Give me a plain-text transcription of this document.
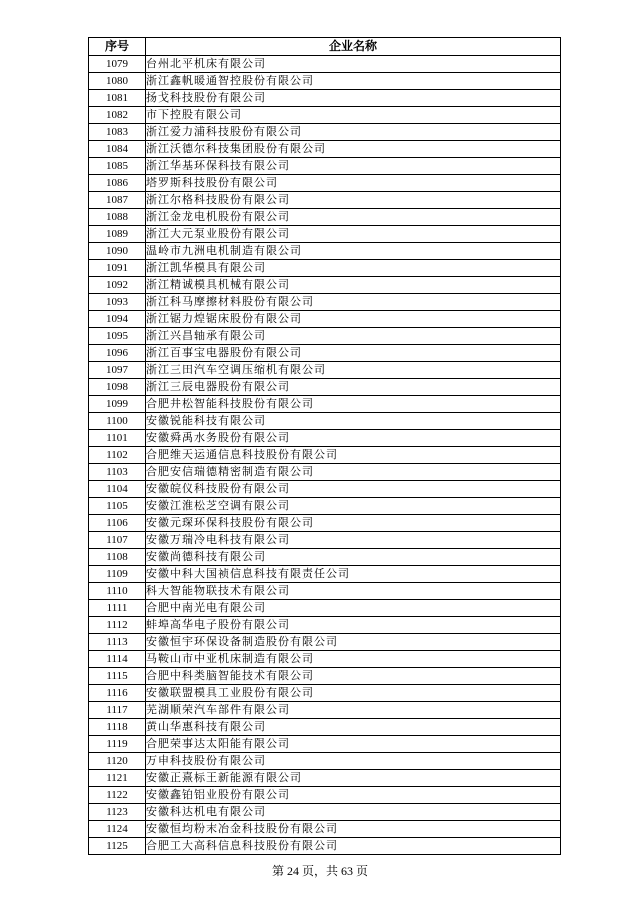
序号	企业名称
1079	台州北平机床有限公司
1080	浙江鑫帆暖通智控股份有限公司
1081	扬戈科技股份有限公司
1082	市下控股有限公司
1083	浙江爱力浦科技股份有限公司
1084	浙江沃德尔科技集团股份有限公司
1085	浙江华基环保科技有限公司
1086	塔罗斯科技股份有限公司
1087	浙江尔格科技股份有限公司
1088	浙江金龙电机股份有限公司
1089	浙江大元泵业股份有限公司
1090	温岭市九洲电机制造有限公司
1091	浙江凯华模具有限公司
1092	浙江精诚模具机械有限公司
1093	浙江科马摩擦材料股份有限公司
1094	浙江锯力煌锯床股份有限公司
1095	浙江兴昌轴承有限公司
1096	浙江百事宝电器股份有限公司
1097	浙江三田汽车空调压缩机有限公司
1098	浙江三辰电器股份有限公司
1099	合肥井松智能科技股份有限公司
1100	安徽锐能科技有限公司
1101	安徽舜禹水务股份有限公司
1102	合肥维天运通信息科技股份有限公司
1103	合肥安信瑞德精密制造有限公司
1104	安徽皖仪科技股份有限公司
1105	安徽江淮松芝空调有限公司
1106	安徽元琛环保科技股份有限公司
1107	安徽万瑞冷电科技有限公司
1108	安徽尚德科技有限公司
1109	安徽中科大国祯信息科技有限责任公司
1110	科大智能物联技术有限公司
1111	合肥中南光电有限公司
1112	蚌埠高华电子股份有限公司
1113	安徽恒宇环保设备制造股份有限公司
1114	马鞍山市中亚机床制造有限公司
1115	合肥中科类脑智能技术有限公司
1116	安徽联盟模具工业股份有限公司
1117	芜湖顺荣汽车部件有限公司
1118	黄山华惠科技有限公司
1119	合肥荣事达太阳能有限公司
1120	万申科技股份有限公司
1121	安徽正熹标王新能源有限公司
1122	安徽鑫铂铝业股份有限公司
1123	安徽科达机电有限公司
1124	安徽恒均粉末冶金科技股份有限公司
1125	合肥工大高科信息科技股份有限公司
第 24 页，共 63 页
